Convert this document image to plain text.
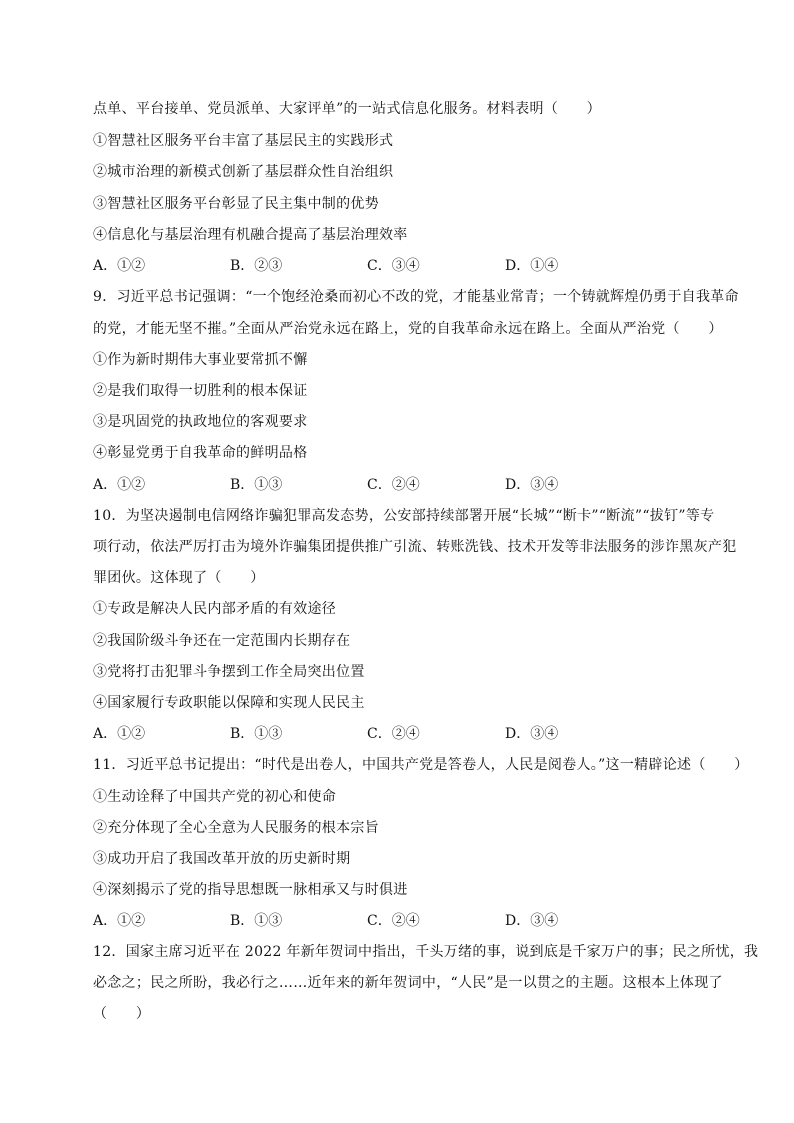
点单、平台接单、党员派单、大家评单”的一站式信息化服务。材料表明（　　）
①智慧社区服务平台丰富了基层民主的实践形式
②城市治理的新模式创新了基层群众性自治组织
③智慧社区服务平台彰显了民主集中制的优势
④信息化与基层治理有机融合提高了基层治理效率
A．①②	B．②③	C．③④	D．①④
9．习近平总书记强调：“一个饱经沧桑而初心不改的党，才能基业常青；一个铸就辉煌仍勇于自我革命
的党，才能无坚不摧。”全面从严治党永远在路上，党的自我革命永远在路上。全面从严治党（　　）
①作为新时期伟大事业要常抓不懈
②是我们取得一切胜利的根本保证
③是巩固党的执政地位的客观要求
④彰显党勇于自我革命的鲜明品格
A．①②	B．①③	C．②④	D．③④
10．为坚决遏制电信网络诈骗犯罪高发态势，公安部持续部署开展“长城”“断卡”“断流”“拔钉”等专
项行动，依法严厉打击为境外诈骗集团提供推广引流、转账洗钱、技术开发等非法服务的涉诈黑灰产犯
罪团伙。这体现了（　　）
①专政是解决人民内部矛盾的有效途径
②我国阶级斗争还在一定范围内长期存在
③党将打击犯罪斗争摆到工作全局突出位置
④国家履行专政职能以保障和实现人民民主
A．①②	B．①③	C．②④	D．③④
11．习近平总书记提出：“时代是出卷人，中国共产党是答卷人，人民是阅卷人。”这一精辟论述（　　）
①生动诠释了中国共产党的初心和使命
②充分体现了全心全意为人民服务的根本宗旨
③成功开启了我国改革开放的历史新时期
④深刻揭示了党的指导思想既一脉相承又与时俱进
A．①②	B．①③	C．②④	D．③④
12．国家主席习近平在 2022 年新年贺词中指出，千头万绪的事，说到底是千家万户的事；民之所忧，我
必念之；民之所盼，我必行之……近年来的新年贺词中，“人民”是一以贯之的主题。这根本上体现了
（　　）
